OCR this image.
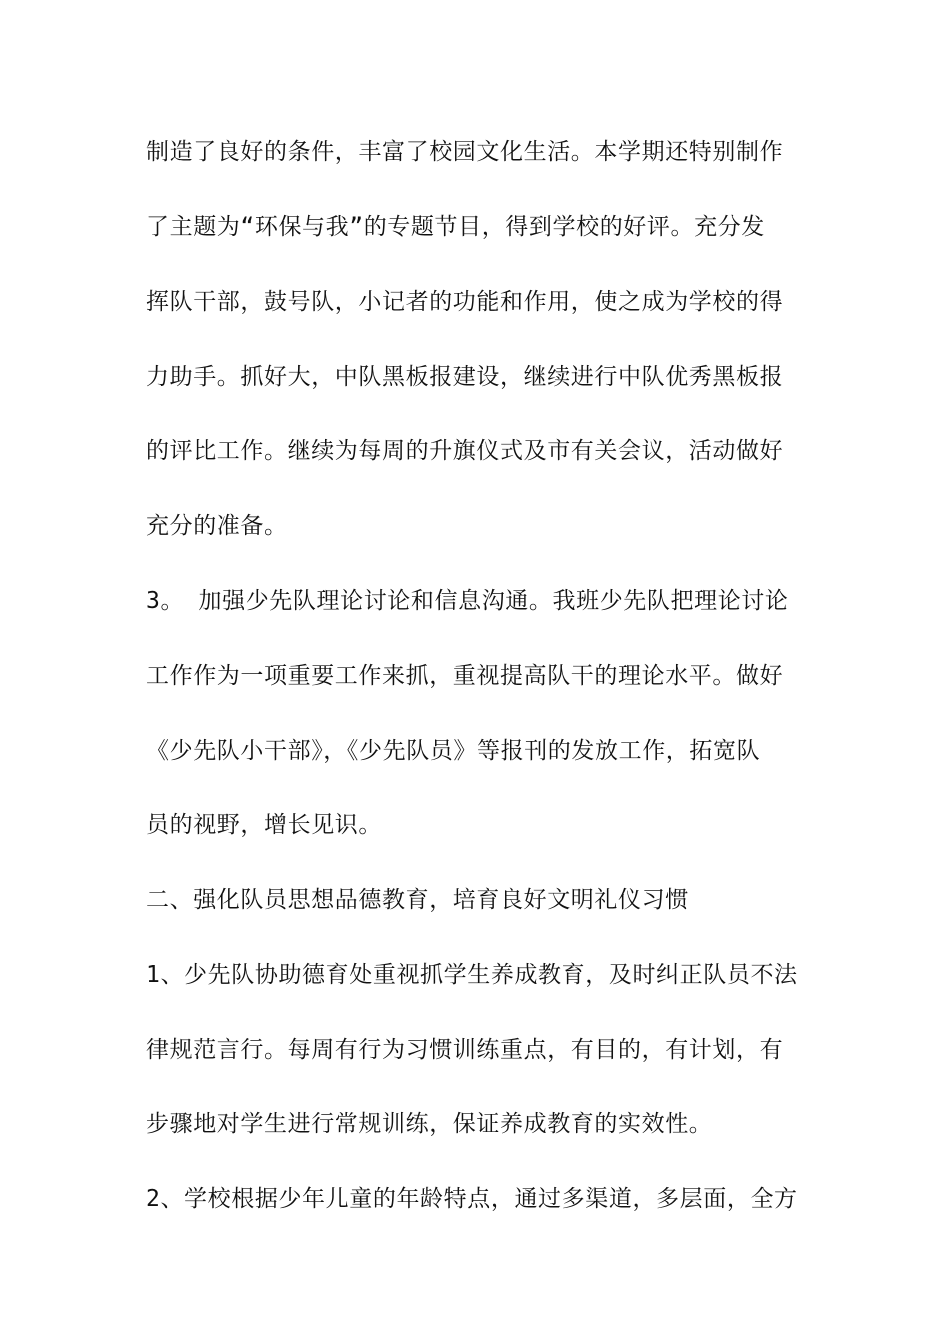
制造了良好的条件，丰富了校园文化生活。本学期还特别制作
了主题为“环保与我”的专题节目，得到学校的好评。充分发
挥队干部，鼓号队，小记者的功能和作用，使之成为学校的得
力助手。抓好大，中队黑板报建设，继续进行中队优秀黑板报
的评比工作。继续为每周的升旗仪式及市有关会议，活动做好
充分的准备。
3。 加强少先队理论讨论和信息沟通。我班少先队把理论讨论
工作作为一项重要工作来抓，重视提高队干的理论水平。做好
《少先队小干部》，《少先队员》等报刊的发放工作，拓宽队
员的视野，增长见识。
二、强化队员思想品德教育，培育良好文明礼仪习惯
1、少先队协助德育处重视抓学生养成教育，及时纠正队员不法
律规范言行。每周有行为习惯训练重点，有目的，有计划，有
步骤地对学生进行常规训练，保证养成教育的实效性。
2、学校根据少年儿童的年龄特点，通过多渠道，多层面，全方
